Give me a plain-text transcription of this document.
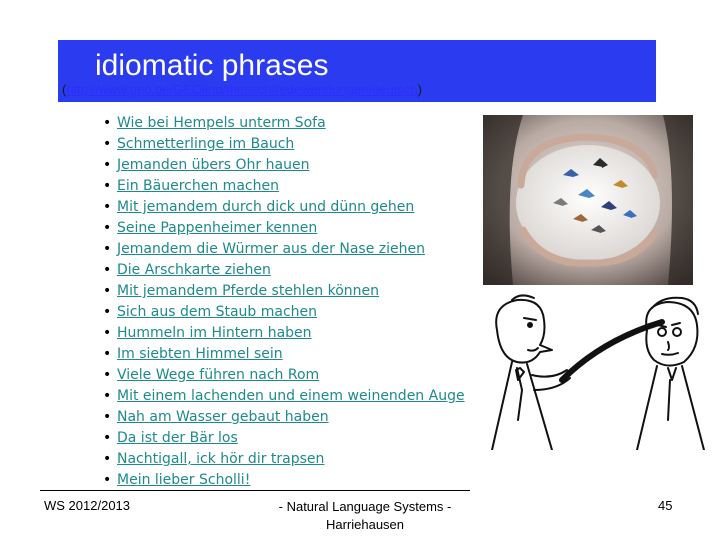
idiomatic phrases
(http://www.geo.de/GEOlino/mensch/redewendungen/deutsch)
• Wie bei Hempels unterm Sofa
• Schmetterlinge im Bauch
• Jemanden übers Ohr hauen
• Ein Bäuerchen machen
• Mit jemandem durch dick und dünn gehen
• Seine Pappenheimer kennen
• Jemandem die Würmer aus der Nase ziehen
• Die Arschkarte ziehen
• Mit jemandem Pferde stehlen können
• Sich aus dem Staub machen
• Hummeln im Hintern haben
• Im siebten Himmel sein
• Viele Wege führen nach Rom
• Mit einem lachenden und einem weinenden Auge
• Nah am Wasser gebaut haben
• Da ist der Bär los
• Nachtigall, ick hör dir trapsen
• Mein lieber Scholli!
WS 2012/2013	- Natural Language Systems - Harriehausen
45
